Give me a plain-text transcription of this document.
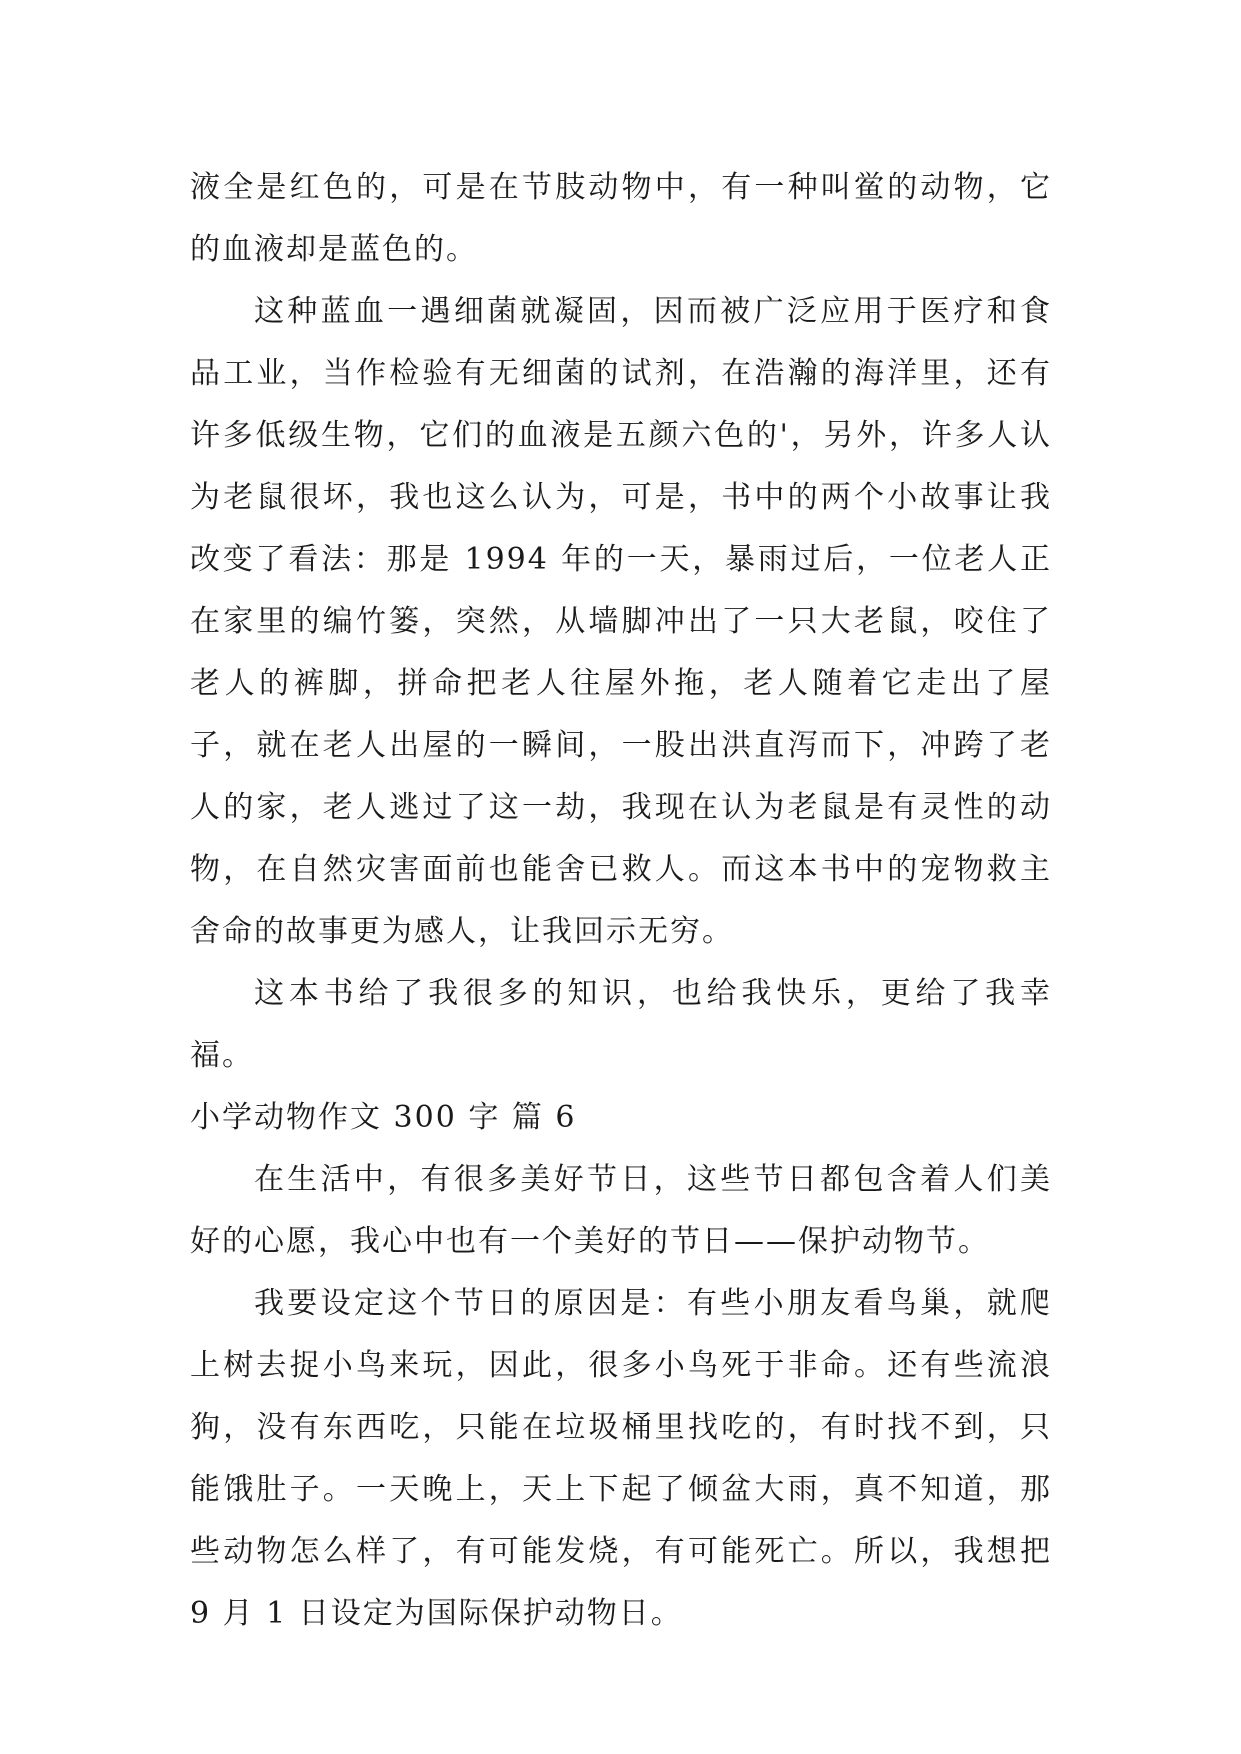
液全是红色的，可是在节肢动物中，有一种叫鲎的动物，它的血液却是蓝色的。

这种蓝血一遇细菌就凝固，因而被广泛应用于医疗和食品工业，当作检验有无细菌的试剂，在浩瀚的海洋里，还有许多低级生物，它们的血液是五颜六色的'，另外，许多人认为老鼠很坏，我也这么认为，可是，书中的两个小故事让我改变了看法：那是 1994 年的一天，暴雨过后，一位老人正在家里的编竹篓，突然，从墙脚冲出了一只大老鼠，咬住了老人的裤脚，拼命把老人往屋外拖，老人随着它走出了屋子，就在老人出屋的一瞬间，一股出洪直泻而下，冲跨了老人的家，老人逃过了这一劫，我现在认为老鼠是有灵性的动物，在自然灾害面前也能舍已救人。而这本书中的宠物救主舍命的故事更为感人，让我回示无穷。

这本书给了我很多的知识，也给我快乐，更给了我幸福。

小学动物作文 300 字 篇 6

在生活中，有很多美好节日，这些节日都包含着人们美好的心愿，我心中也有一个美好的节日——保护动物节。

我要设定这个节日的原因是：有些小朋友看鸟巢，就爬上树去捉小鸟来玩，因此，很多小鸟死于非命。还有些流浪狗，没有东西吃，只能在垃圾桶里找吃的，有时找不到，只能饿肚子。一天晚上，天上下起了倾盆大雨，真不知道，那些动物怎么样了，有可能发烧，有可能死亡。所以，我想把 9 月 1 日设定为国际保护动物日。
